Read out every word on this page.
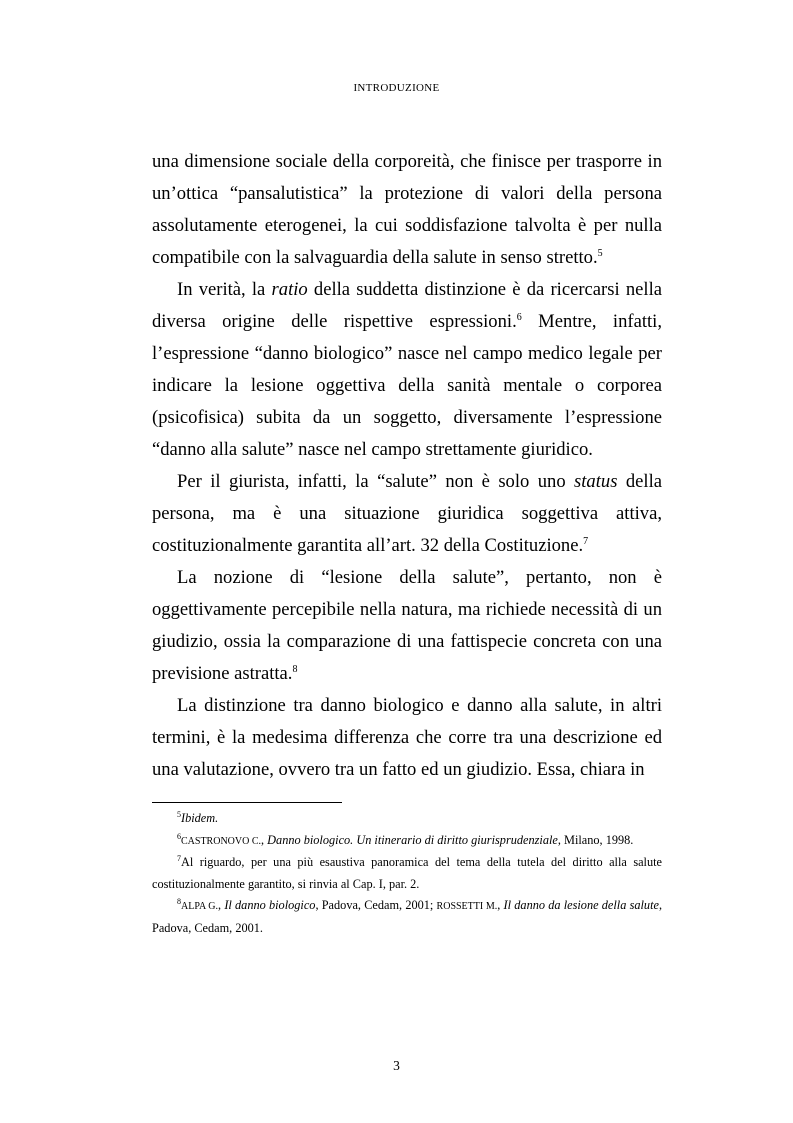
INTRODUZIONE

una dimensione sociale della corporeità, che finisce per trasporre in un’ottica “pansalutistica” la protezione di valori della persona assolutamente eterogenei, la cui soddisfazione talvolta è per nulla compatibile con la salvaguardia della salute in senso stretto.$^5$

In verità, la ratio della suddetta distinzione è da ricercarsi nella diversa origine delle rispettive espressioni.$^6$ Mentre, infatti, l’espressione “danno biologico” nasce nel campo medico legale per indicare la lesione oggettiva della sanità mentale o corporea (psicofisica) subita da un soggetto, diversamente l’espressione “danno alla salute” nasce nel campo strettamente giuridico.

Per il giurista, infatti, la “salute” non è solo uno status della persona, ma è una situazione giuridica soggettiva attiva, costituzionalmente garantita all’art. 32 della Costituzione.$^7$

La nozione di “lesione della salute”, pertanto, non è oggettivamente percepibile nella natura, ma richiede necessità di un giudizio, ossia la comparazione di una fattispecie concreta con una previsione astratta.$^8$

La distinzione tra danno biologico e danno alla salute, in altri termini, è la medesima differenza che corre tra una descrizione ed una valutazione, ovvero tra un fatto ed un giudizio. Essa, chiara in

$^5$Ibidem.

$^6$CASTRONOVO C., Danno biologico. Un itinerario di diritto giurisprudenziale, Milano, 1998.

$^7$Al riguardo, per una più esaustiva panoramica del tema della tutela del diritto alla salute costituzionalmente garantito, si rinvia al Cap. I, par. 2.

$^8$ALPA G., Il danno biologico, Padova, Cedam, 2001; ROSSETTI M., Il danno da lesione della salute, Padova, Cedam, 2001.

3
